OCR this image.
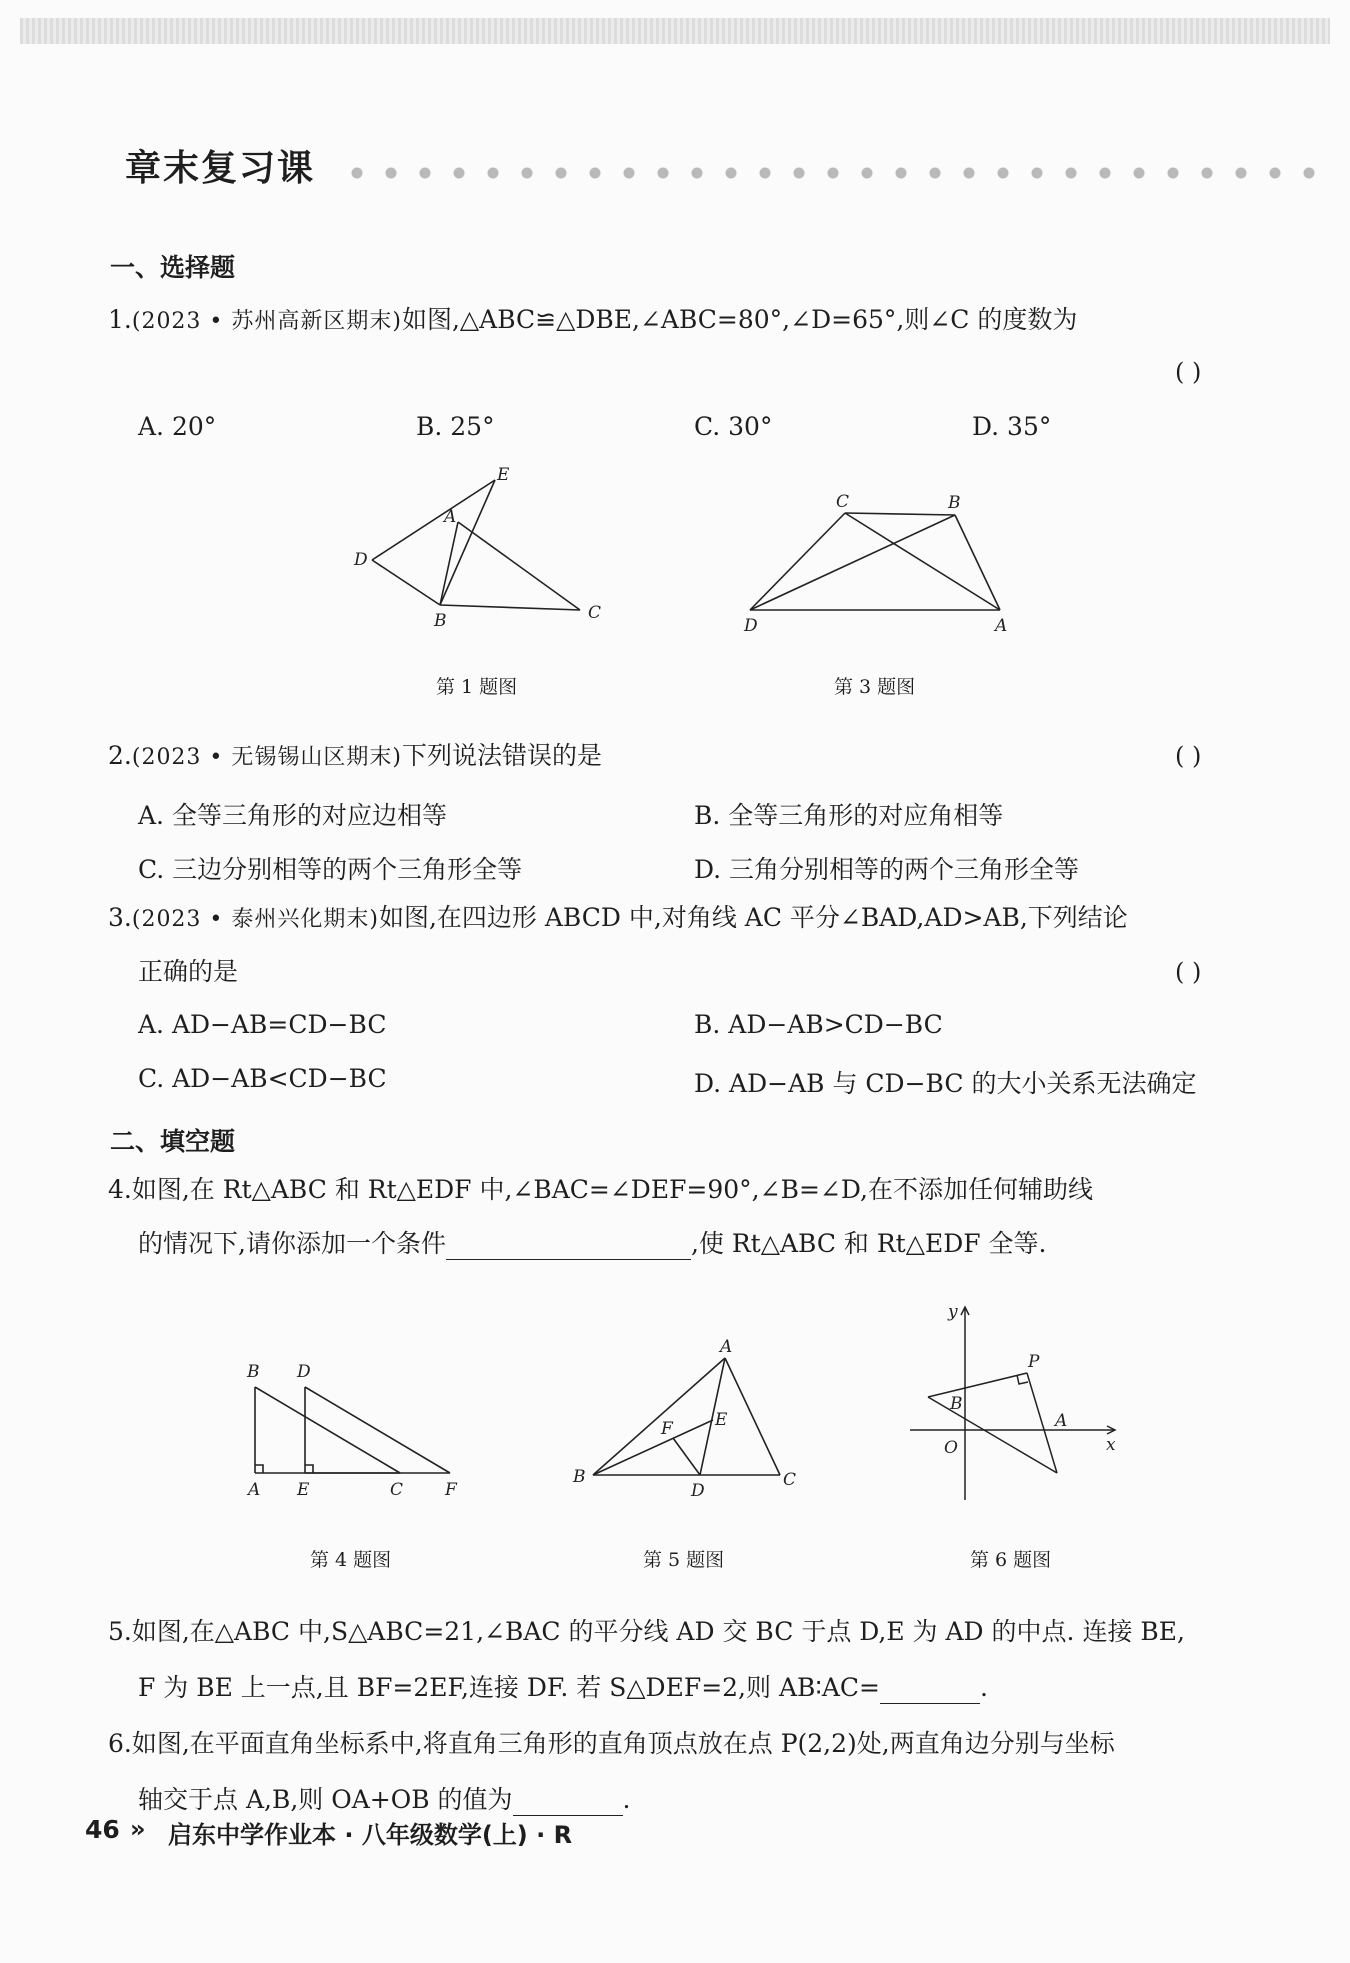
章末复习课
一、选择题
1.(2023 • 苏州高新区期末)如图,△ABC≌△DBE,∠ABC=80°,∠D=65°,则∠C 的度数为
( )
A. 20°	B. 25°	C. 30°	D. 35°
E
A
D
B	C
第 1 题图
C	B
D	A
第 3 题图
2.(2023 • 无锡锡山区期末)下列说法错误的是	( )
A. 全等三角形的对应边相等	B. 全等三角形的对应角相等
C. 三边分别相等的两个三角形全等	D. 三角分别相等的两个三角形全等
3.(2023 • 泰州兴化期末)如图,在四边形 ABCD 中,对角线 AC 平分∠BAD,AD>AB,下列结论
正确的是	( )
A. AD−AB=CD−BC	B. AD−AB>CD−BC
C. AD−AB<CD−BC	D. AD−AB 与 CD−BC 的大小关系无法确定
二、填空题
4.如图,在 Rt△ABC 和 Rt△EDF 中,∠BAC=∠DEF=90°,∠B=∠D,在不添加任何辅助线
的情况下,请你添加一个条件	,使 Rt△ABC 和 Rt△EDF 全等.
B D
A E	C F
第 4 题图
A
F E
B
D
C
第 5 题图
y
P
B
A
O	x
第 6 题图
5.如图,在△ABC 中,S△ABC=21,∠BAC 的平分线 AD 交 BC 于点 D,E 为 AD 的中点. 连接 BE,
F 为 BE 上一点,且 BF=2EF,连接 DF. 若 S△DEF=2,则 AB∶AC=	.
6.如图,在平面直角坐标系中,将直角三角形的直角顶点放在点 P(2,2)处,两直角边分别与坐标
轴交于点 A,B,则 OA+OB 的值为	.
46 » 启东中学作业本 · 八年级数学(上) · R
